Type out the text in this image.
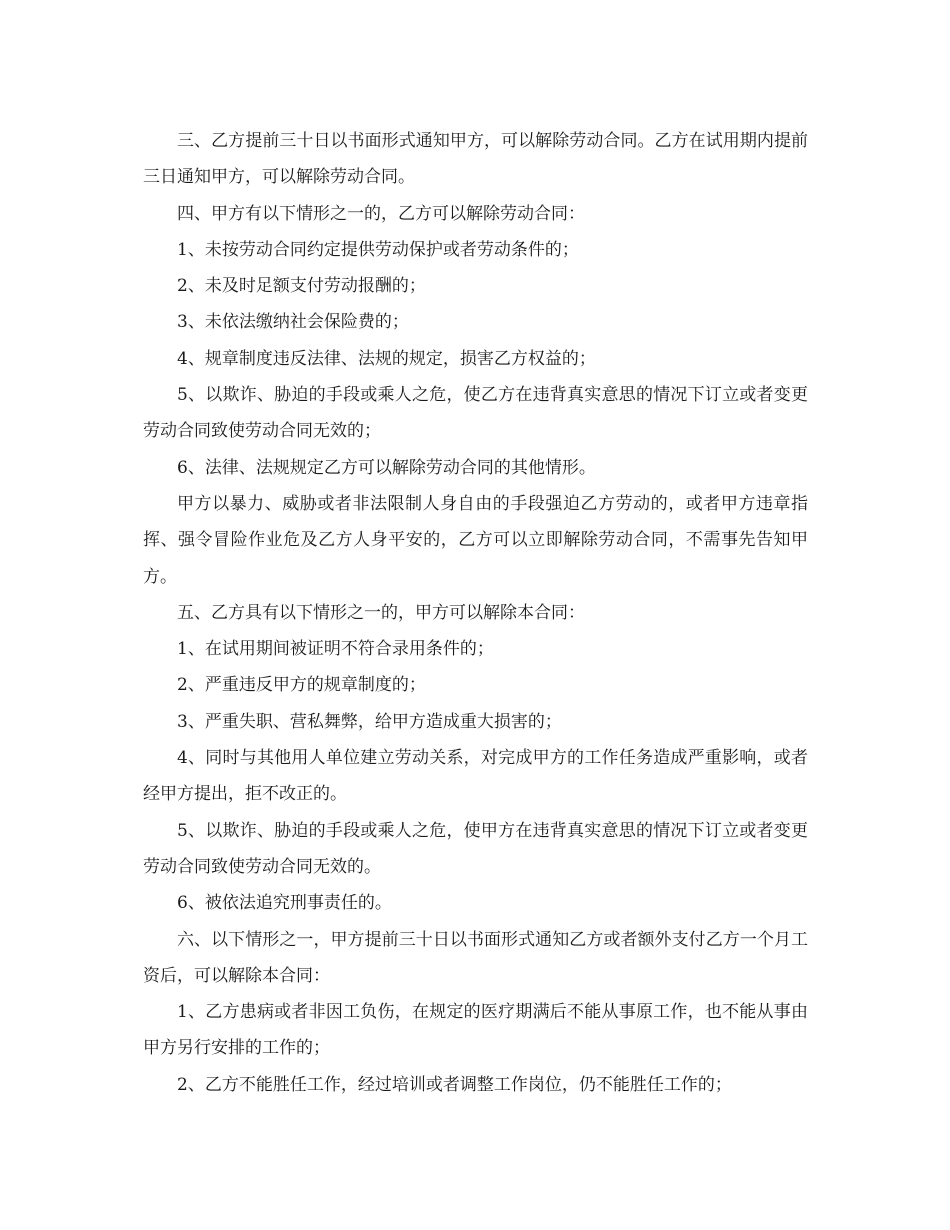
三、乙方提前三十日以书面形式通知甲方，可以解除劳动合同。乙方在试用期内提前三日通知甲方，可以解除劳动合同。

四、甲方有以下情形之一的，乙方可以解除劳动合同：

1、未按劳动合同约定提供劳动保护或者劳动条件的；

2、未及时足额支付劳动报酬的；

3、未依法缴纳社会保险费的；

4、规章制度违反法律、法规的规定，损害乙方权益的；

5、以欺诈、胁迫的手段或乘人之危，使乙方在违背真实意思的情况下订立或者变更劳动合同致使劳动合同无效的；

6、法律、法规规定乙方可以解除劳动合同的其他情形。

甲方以暴力、威胁或者非法限制人身自由的手段强迫乙方劳动的，或者甲方违章指挥、强令冒险作业危及乙方人身平安的，乙方可以立即解除劳动合同，不需事先告知甲方。

五、乙方具有以下情形之一的，甲方可以解除本合同：

1、在试用期间被证明不符合录用条件的；

2、严重违反甲方的规章制度的；

3、严重失职、营私舞弊，给甲方造成重大损害的；

4、同时与其他用人单位建立劳动关系，对完成甲方的工作任务造成严重影响，或者经甲方提出，拒不改正的。

5、以欺诈、胁迫的手段或乘人之危，使甲方在违背真实意思的情况下订立或者变更劳动合同致使劳动合同无效的。

6、被依法追究刑事责任的。

六、以下情形之一，甲方提前三十日以书面形式通知乙方或者额外支付乙方一个月工资后，可以解除本合同：

1、乙方患病或者非因工负伤，在规定的医疗期满后不能从事原工作，也不能从事由甲方另行安排的工作的；

2、乙方不能胜任工作，经过培训或者调整工作岗位，仍不能胜任工作的；
